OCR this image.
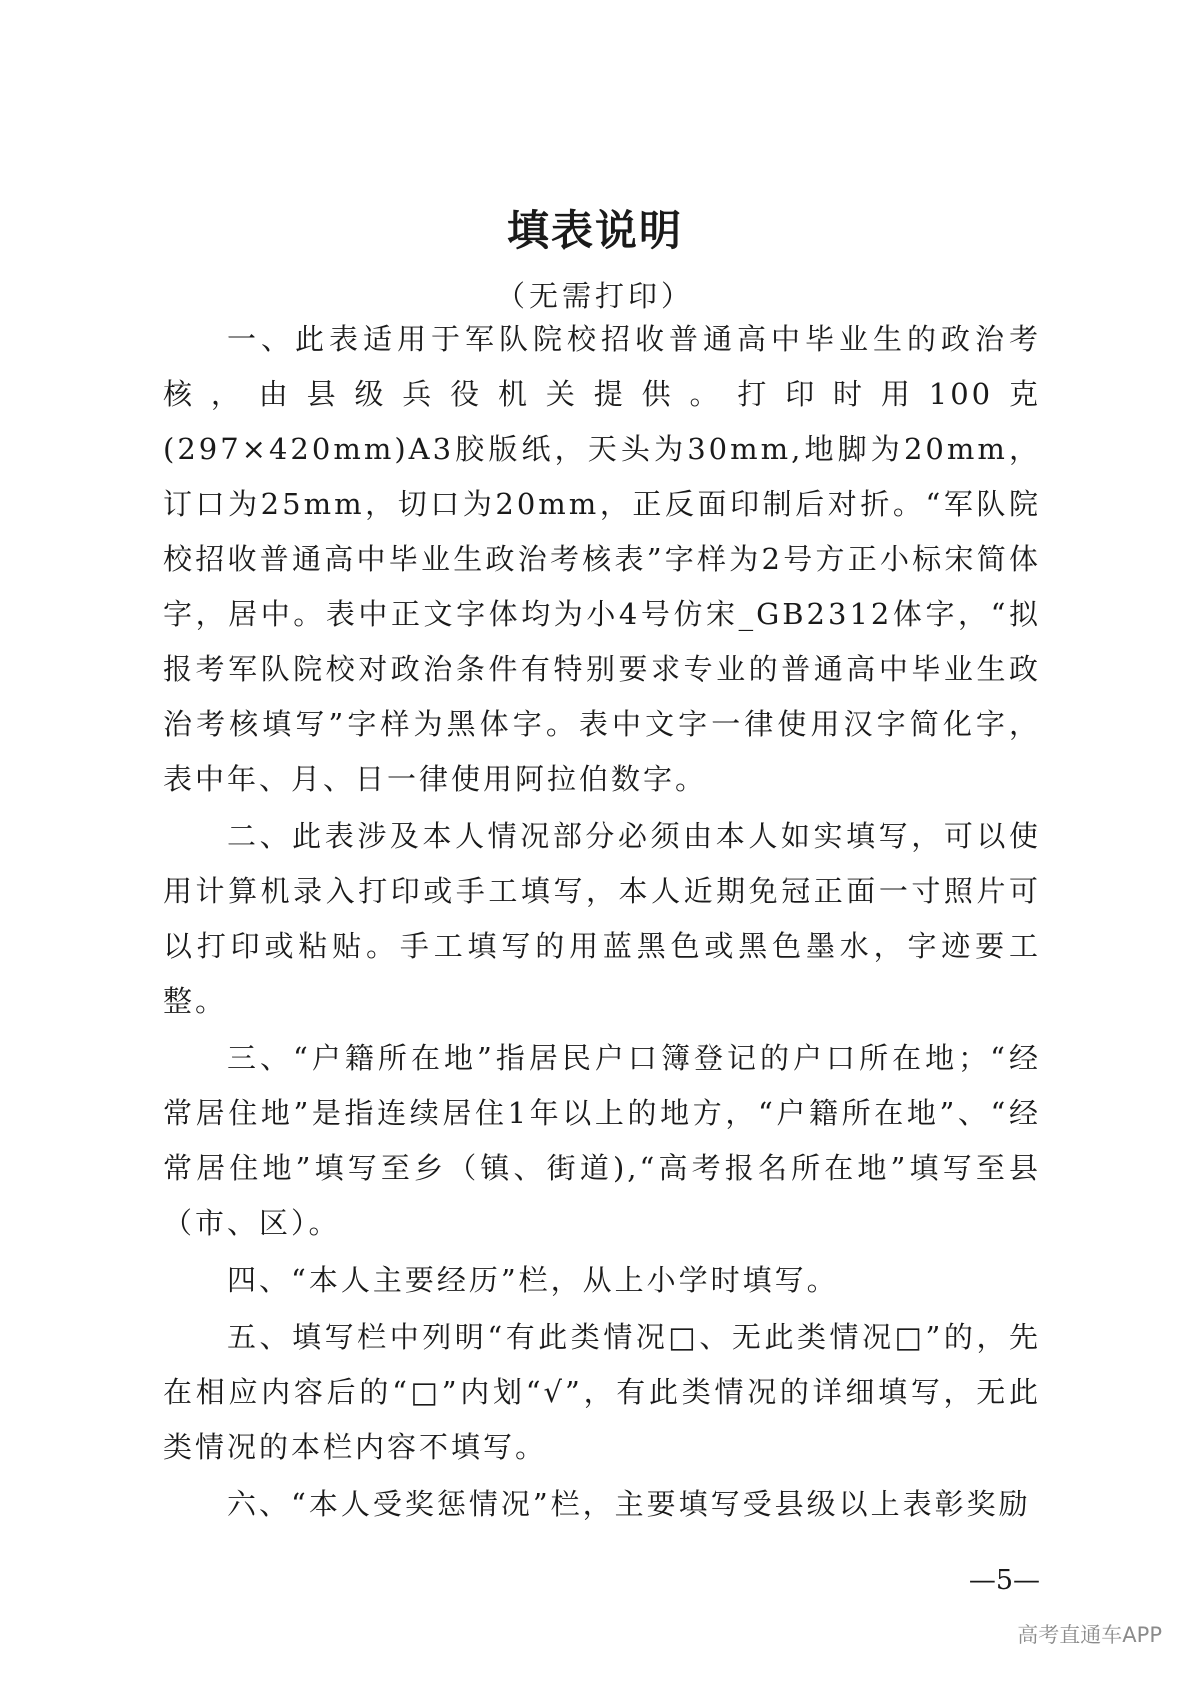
填表说明
（无需打印）

一、此表适用于军队院校招收普通高中毕业生的政治考核，由县级兵役机关提供。打印时用100克(297×420mm)A3胶版纸，天头为30mm,地脚为20mm，订口为25mm，切口为20mm，正反面印制后对折。“军队院校招收普通高中毕业生政治考核表”字样为2号方正小标宋简体字，居中。表中正文字体均为小4号仿宋_GB2312体字，“拟报考军队院校对政治条件有特别要求专业的普通高中毕业生政治考核填写”字样为黑体字。表中文字一律使用汉字简化字，表中年、月、日一律使用阿拉伯数字。

二、此表涉及本人情况部分必须由本人如实填写，可以使用计算机录入打印或手工填写，本人近期免冠正面一寸照片可以打印或粘贴。手工填写的用蓝黑色或黑色墨水，字迹要工整。

三、“户籍所在地”指居民户口簿登记的户口所在地；“经常居住地”是指连续居住1年以上的地方，“户籍所在地”、“经常居住地”填写至乡（镇、街道),“高考报名所在地”填写至县（市、区）。

四、“本人主要经历”栏，从上小学时填写。

五、填写栏中列明“有此类情况□、无此类情况□”的，先在相应内容后的“□”内划“√”，有此类情况的详细填写，无此类情况的本栏内容不填写。

六、“本人受奖惩情况”栏，主要填写受县级以上表彰奖励

—5—
高考直通车APP
